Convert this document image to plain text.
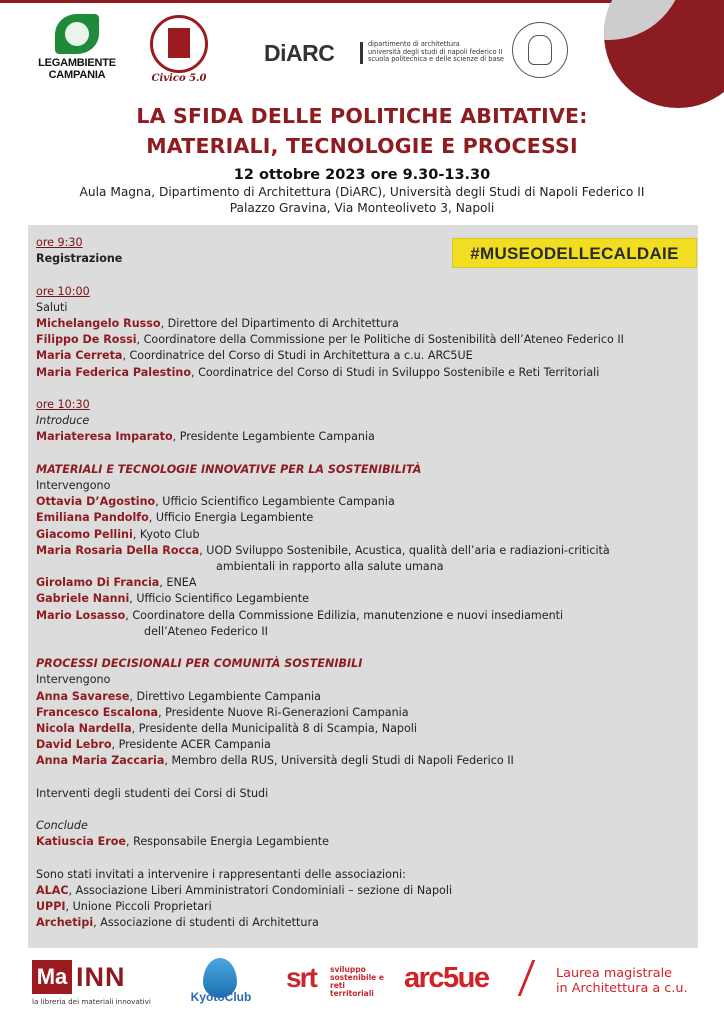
LEGAMBIENTE CAMPANIA	Civico 5.0
DiARC	dipartimento di architettura
università degli studi di napoli federico II
scuola politecnica e delle scienze di base
LA SFIDA DELLE POLITICHE ABITATIVE:
MATERIALI, TECNOLOGIE E PROCESSI
12 ottobre 2023 ore 9.30-13.30
Aula Magna, Dipartimento di Architettura (DiARC), Università degli Studi di Napoli Federico II
Palazzo Gravina, Via Monteoliveto 3, Napoli
#MUSEODELLECALDAIE

ore 9:30

Registrazione

ore 10:00

Saluti

Michelangelo Russo, Direttore del Dipartimento di Architettura

Filippo De Rossi, Coordinatore della Commissione per le Politiche di Sostenibilità dell’Ateneo Federico II

Maria Cerreta, Coordinatrice del Corso di Studi in Architettura a c.u. ARC5UE

Maria Federica Palestino, Coordinatrice del Corso di Studi in Sviluppo Sostenibile e Reti Territoriali

ore 10:30

Introduce

Mariateresa Imparato, Presidente Legambiente Campania

MATERIALI E TECNOLOGIE INNOVATIVE PER LA SOSTENIBILITÀ

Intervengono

Ottavia D’Agostino, Ufficio Scientifico Legambiente Campania

Emiliana Pandolfo, Ufficio Energia Legambiente

Giacomo Pellini, Kyoto Club

Maria Rosaria Della Rocca, UOD Sviluppo Sostenibile, Acustica, qualità dell’aria e radiazioni-criticità

ambientali in rapporto alla salute umana

Girolamo Di Francia, ENEA

Gabriele Nanni, Ufficio Scientifico Legambiente

Mario Losasso, Coordinatore della Commissione Edilizia, manutenzione e nuovi insediamenti

dell’Ateneo Federico II

PROCESSI DECISIONALI PER COMUNITÀ SOSTENIBILI

Intervengono

Anna Savarese, Direttivo Legambiente Campania

Francesco Escalona, Presidente Nuove Ri-Generazioni Campania

Nicola Nardella, Presidente della Municipalità 8 di Scampia, Napoli

David Lebro, Presidente ACER Campania

Anna Maria Zaccaria, Membro della RUS, Università degli Studi di Napoli Federico II

Interventi degli studenti dei Corsi di Studi

Conclude

Katiuscia Eroe, Responsabile Energia Legambiente

Sono stati invitati a intervenire i rappresentanti delle associazioni:

ALAC, Associazione Liberi Amministratori Condominiali – sezione di Napoli

UPPI, Unione Piccoli Proprietari

Archetipi, Associazione di studenti di Architettura

Ma INN
la libreria dei materiali innovativi	KyotoClub
srt sviluppo
sostenibile e
reti
territoriali	arc5ue	Laurea magistrale
in Architettura a c.u.
